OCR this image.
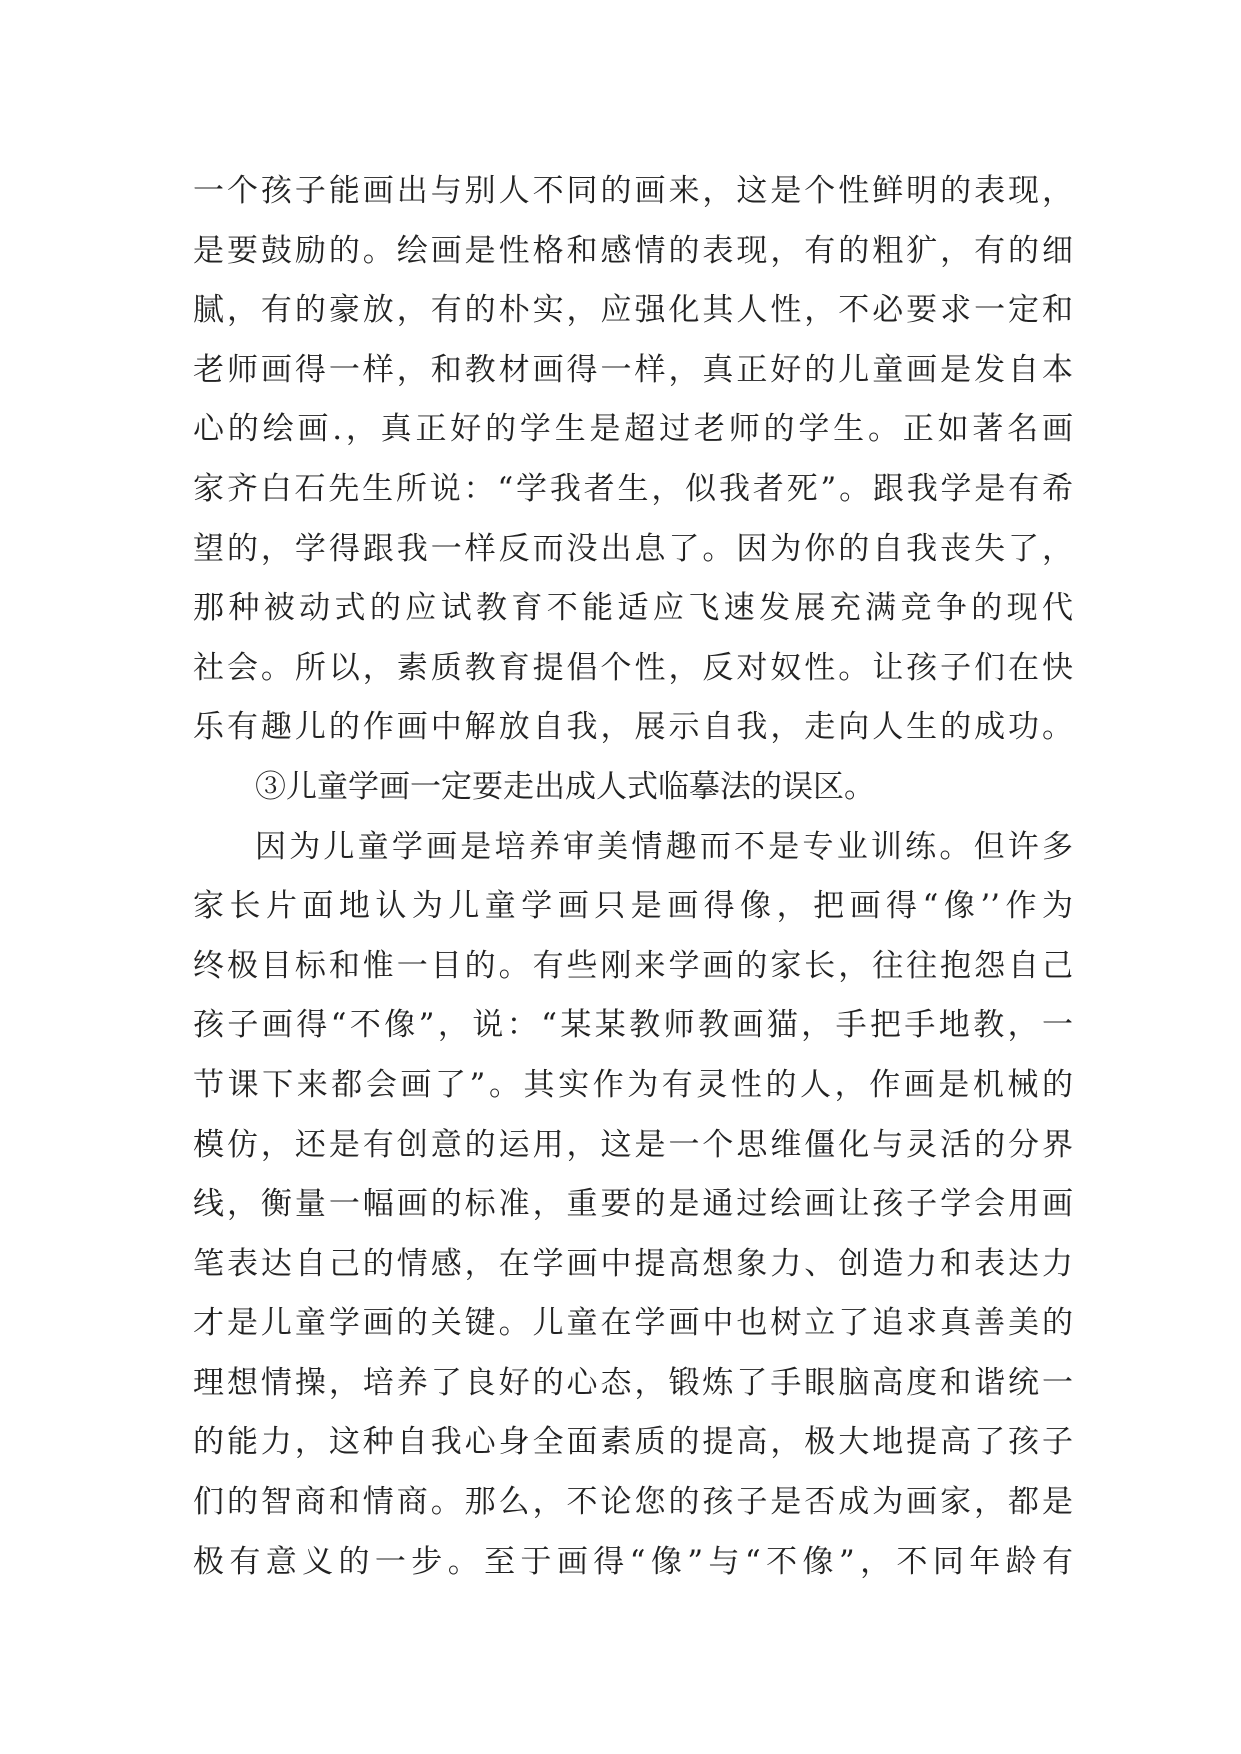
一个孩子能画出与别人不同的画来，这是个性鲜明的表现，
是要鼓励的。绘画是性格和感情的表现，有的粗犷，有的细
腻，有的豪放，有的朴实，应强化其人性，不必要求一定和
老师画得一样，和教材画得一样，真正好的儿童画是发自本
心的绘画.，真正好的学生是超过老师的学生。正如著名画
家齐白石先生所说：“学我者生，似我者死”。跟我学是有希
望的，学得跟我一样反而没出息了。因为你的自我丧失了，
那种被动式的应试教育不能适应飞速发展充满竞争的现代
社会。所以，素质教育提倡个性，反对奴性。让孩子们在快
乐有趣儿的作画中解放自我，展示自我，走向人生的成功。
③儿童学画一定要走出成人式临摹法的误区。
因为儿童学画是培养审美情趣而不是专业训练。但许多
家长片面地认为儿童学画只是画得像，把画得“像’’作为
终极目标和惟一目的。有些刚来学画的家长，往往抱怨自己
孩子画得“不像”，说：“某某教师教画猫，手把手地教，一
节课下来都会画了”。其实作为有灵性的人，作画是机械的
模仿，还是有创意的运用，这是一个思维僵化与灵活的分界
线，衡量一幅画的标准，重要的是通过绘画让孩子学会用画
笔表达自己的情感，在学画中提高想象力、创造力和表达力
才是儿童学画的关键。儿童在学画中也树立了追求真善美的
理想情操，培养了良好的心态，锻炼了手眼脑高度和谐统一
的能力，这种自我心身全面素质的提高，极大地提高了孩子
们的智商和情商。那么，不论您的孩子是否成为画家，都是
极有意义的一步。至于画得“像”与“不像”，不同年龄有
